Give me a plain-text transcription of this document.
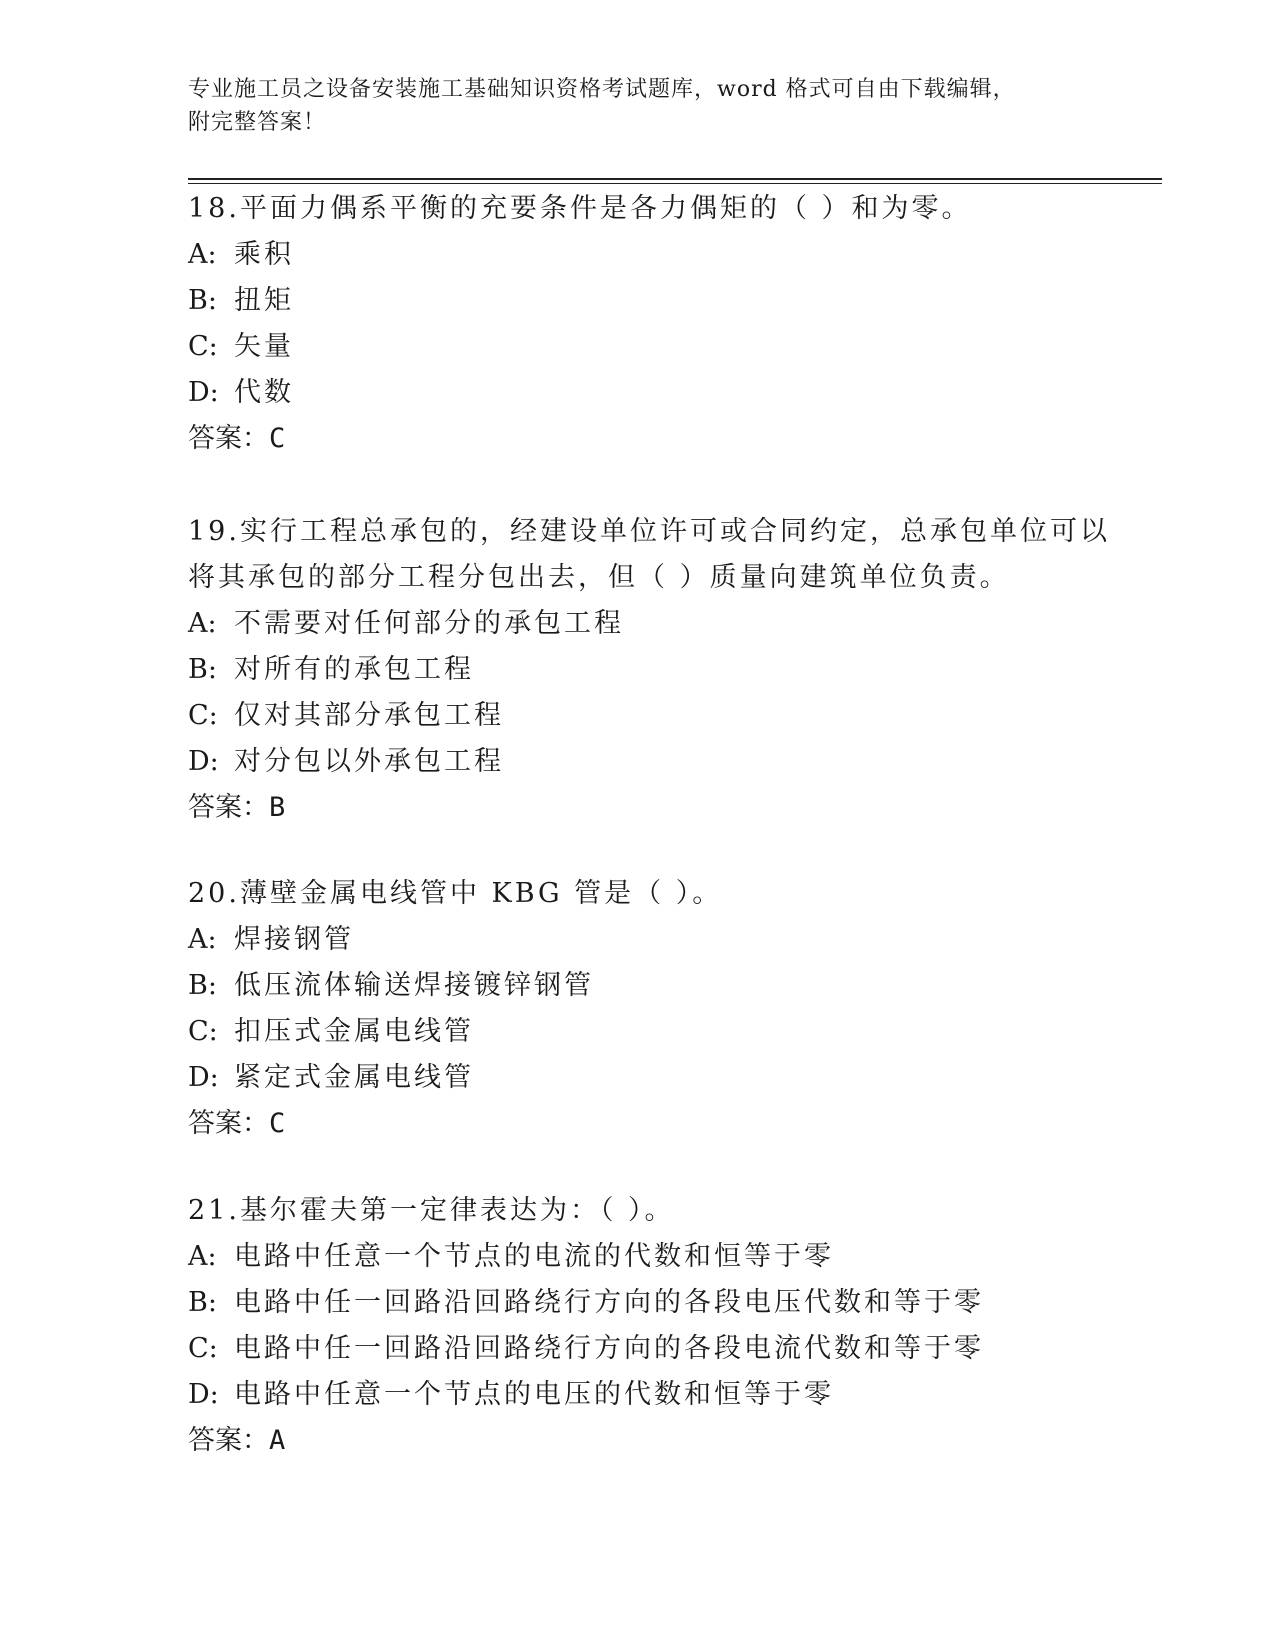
专业施工员之设备安装施工基础知识资格考试题库，word 格式可自由下载编辑，
附完整答案！

18.平面力偶系平衡的充要条件是各力偶矩的（ ）和为零。

A: 乘积

B: 扭矩

C: 矢量

D: 代数

答案：C

19.实行工程总承包的，经建设单位许可或合同约定，总承包单位可以

将其承包的部分工程分包出去，但（ ）质量向建筑单位负责。

A: 不需要对任何部分的承包工程

B: 对所有的承包工程

C: 仅对其部分承包工程

D: 对分包以外承包工程

答案：B

20.薄壁金属电线管中 KBG 管是（ ）。

A: 焊接钢管

B: 低压流体输送焊接镀锌钢管

C: 扣压式金属电线管

D: 紧定式金属电线管

答案：C

21.基尔霍夫第一定律表达为：（ ）。

A: 电路中任意一个节点的电流的代数和恒等于零

B: 电路中任一回路沿回路绕行方向的各段电压代数和等于零

C: 电路中任一回路沿回路绕行方向的各段电流代数和等于零

D: 电路中任意一个节点的电压的代数和恒等于零

答案：A
